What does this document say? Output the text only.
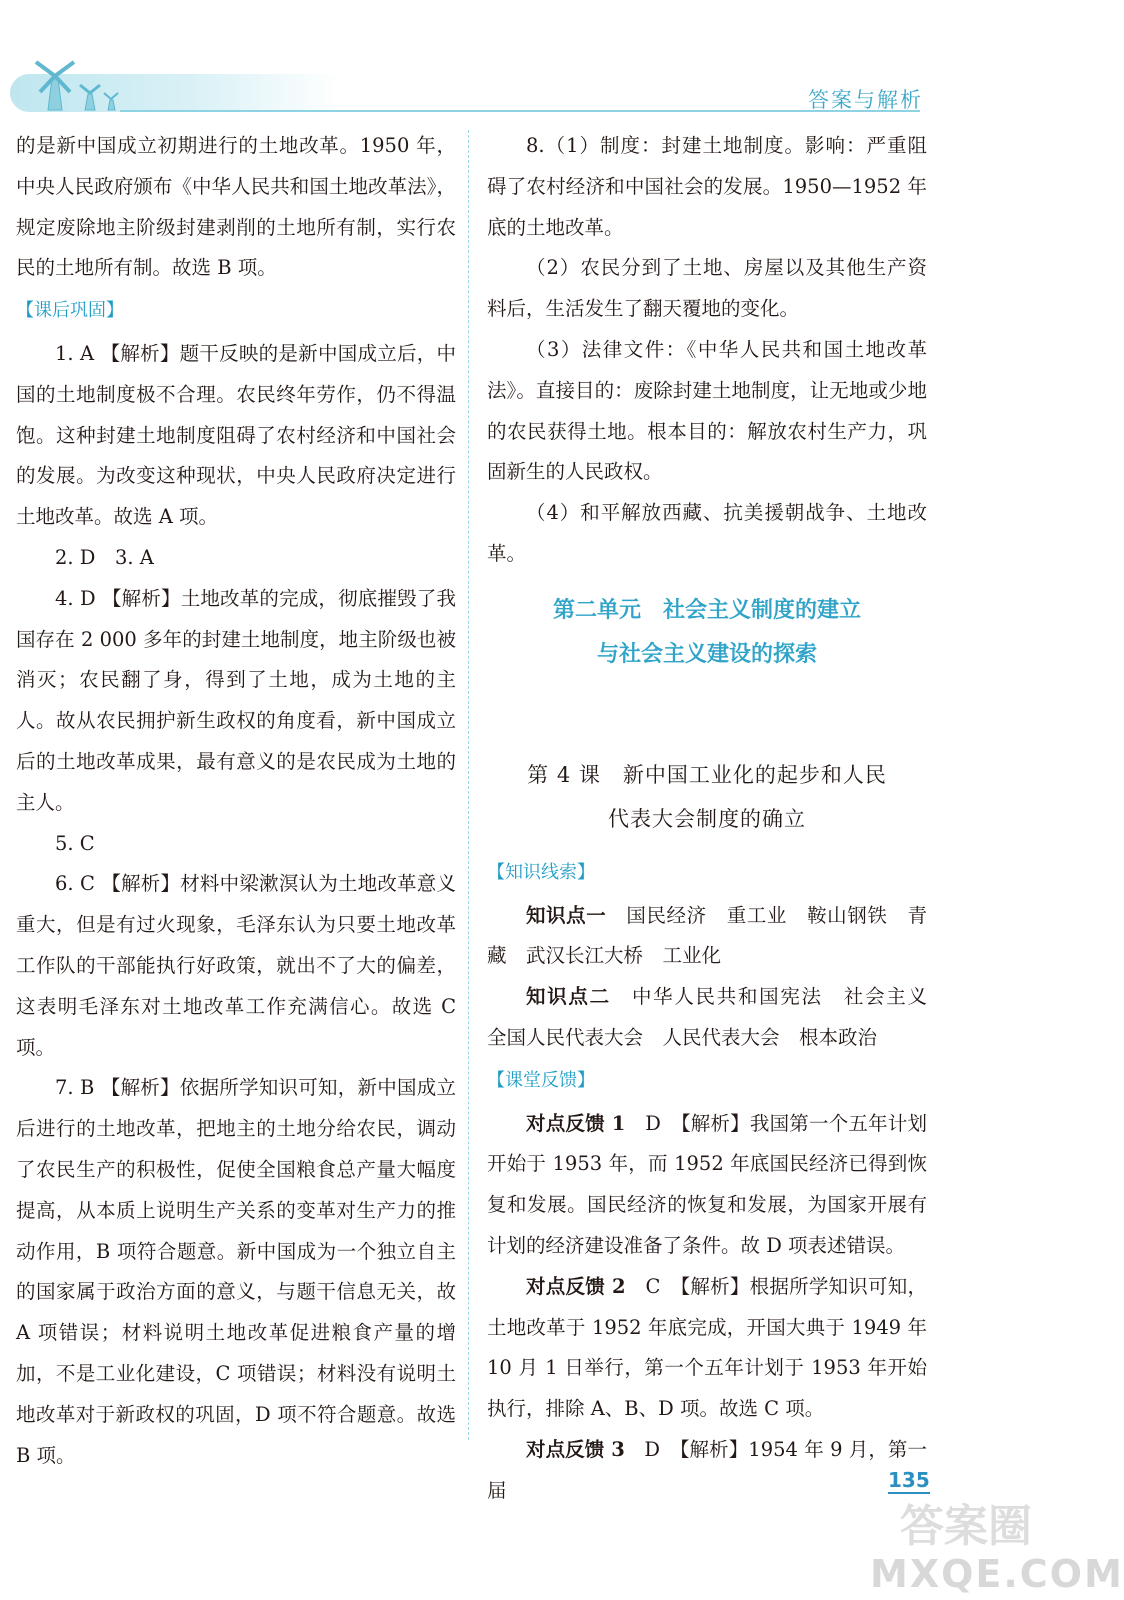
答案与解析

的是新中国成立初期进行的土地改革。1950 年，中央人民政府颁布《中华人民共和国土地改革法》，规定废除地主阶级封建剥削的土地所有制，实行农民的土地所有制。故选 B 项。

【课后巩固】

1. A 【解析】题干反映的是新中国成立后，中国的土地制度极不合理。农民终年劳作，仍不得温饱。这种封建土地制度阻碍了农村经济和中国社会的发展。为改变这种现状，中央人民政府决定进行土地改革。故选 A 项。

2. D　3. A

4. D 【解析】土地改革的完成，彻底摧毁了我国存在 2 000 多年的封建土地制度，地主阶级也被消灭；农民翻了身，得到了土地，成为土地的主人。故从农民拥护新生政权的角度看，新中国成立后的土地改革成果，最有意义的是农民成为土地的主人。

5. C

6. C 【解析】材料中梁漱溟认为土地改革意义重大，但是有过火现象，毛泽东认为只要土地改革工作队的干部能执行好政策，就出不了大的偏差，这表明毛泽东对土地改革工作充满信心。故选 C 项。

7. B 【解析】依据所学知识可知，新中国成立后进行的土地改革，把地主的土地分给农民，调动了农民生产的积极性，促使全国粮食总产量大幅度提高，从本质上说明生产关系的变革对生产力的推动作用，B 项符合题意。新中国成为一个独立自主的国家属于政治方面的意义，与题干信息无关，故 A 项错误；材料说明土地改革促进粮食产量的增加，不是工业化建设，C 项错误；材料没有说明土地改革对于新政权的巩固，D 项不符合题意。故选 B 项。

8.（1）制度：封建土地制度。影响：严重阻碍了农村经济和中国社会的发展。1950—1952 年底的土地改革。

（2）农民分到了土地、房屋以及其他生产资料后，生活发生了翻天覆地的变化。

（3）法律文件：《中华人民共和国土地改革法》。直接目的：废除封建土地制度，让无地或少地的农民获得土地。根本目的：解放农村生产力，巩固新生的人民政权。

（4）和平解放西藏、抗美援朝战争、土地改革。

第二单元　社会主义制度的建立
与社会主义建设的探索
第 4 课　新中国工业化的起步和人民
代表大会制度的确立
【知识线索】

知识点一　国民经济　重工业　鞍山钢铁　青藏　武汉长江大桥　工业化

知识点二　中华人民共和国宪法　社会主义　全国人民代表大会　人民代表大会　根本政治

【课堂反馈】

对点反馈 1　D　【解析】我国第一个五年计划开始于 1953 年，而 1952 年底国民经济已得到恢复和发展。国民经济的恢复和发展，为国家开展有计划的经济建设准备了条件。故 D 项表述错误。

对点反馈 2　C　【解析】根据所学知识可知，土地改革于 1952 年底完成，开国大典于 1949 年 10 月 1 日举行，第一个五年计划于 1953 年开始执行，排除 A、B、D 项。故选 C 项。

对点反馈 3　D　【解析】1954 年 9 月，第一届	135
答案圈
MXQE.COM
